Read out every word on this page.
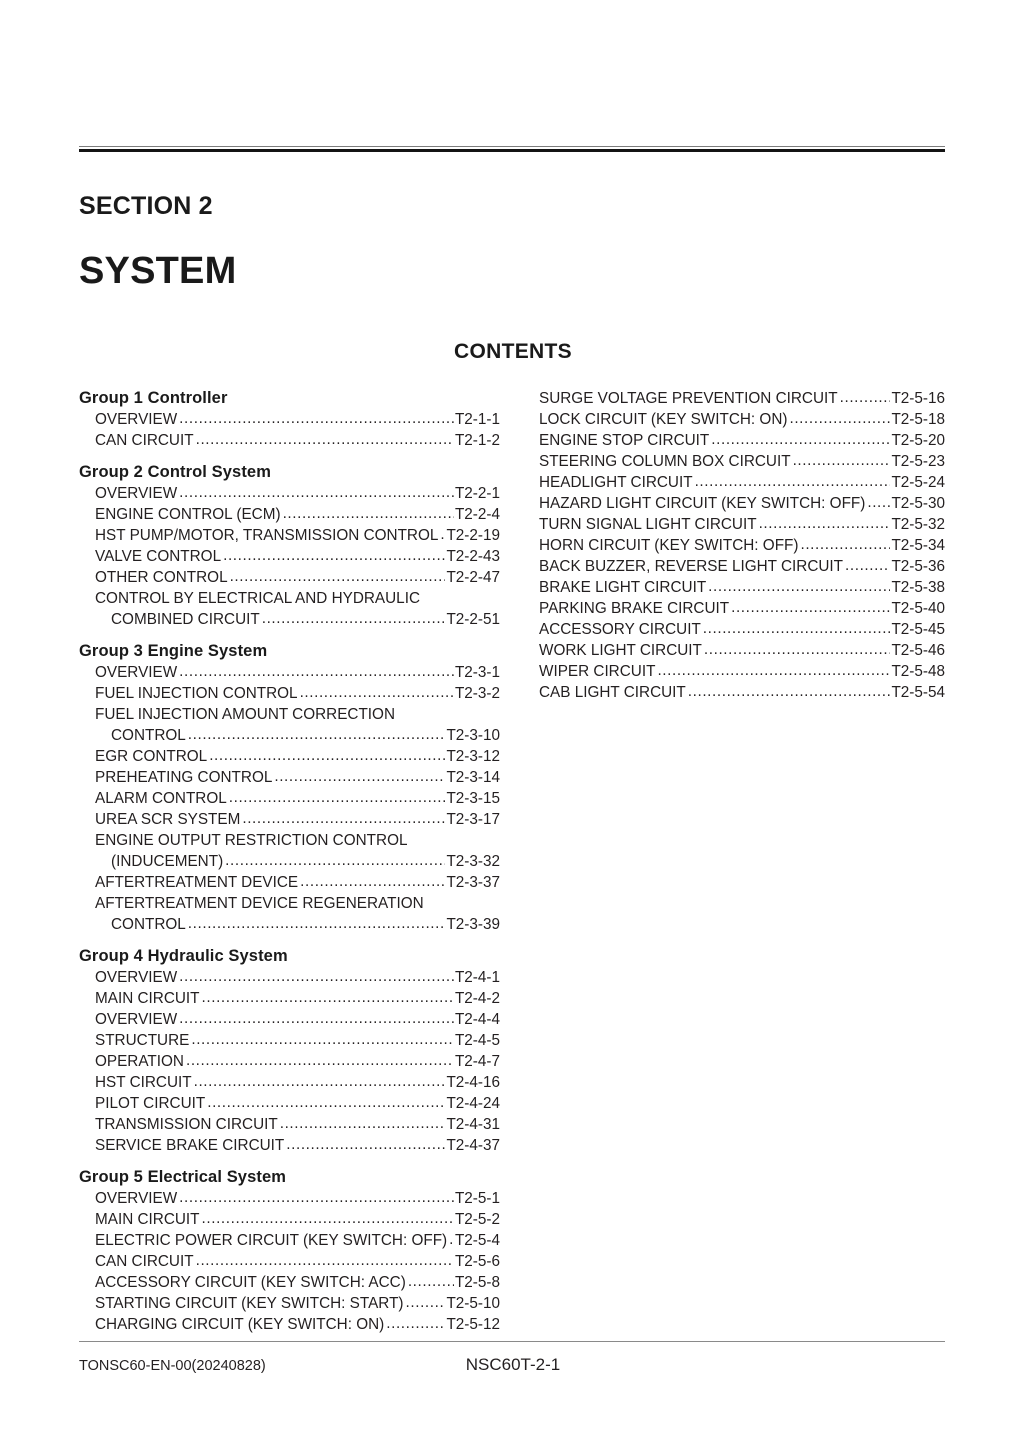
SECTION 2
SYSTEM
CONTENTS
Group 1 Controller
OVERVIEW .....	T2-1-1
CAN CIRCUIT .....	T2-1-2
Group 2 Control System
OVERVIEW .....	T2-2-1
ENGINE CONTROL (ECM) .....	T2-2-4
HST PUMP/MOTOR, TRANSMISSION CONTROL ..... T2-2-19
VALVE CONTROL .....	T2-2-43
OTHER CONTROL .....	T2-2-47
CONTROL BY ELECTRICAL AND HYDRAULIC
COMBINED CIRCUIT .....	T2-2-51
Group 3 Engine System
OVERVIEW .....	T2-3-1
FUEL INJECTION CONTROL .....	T2-3-2
FUEL INJECTION AMOUNT CORRECTION
CONTROL .....	T2-3-10
EGR CONTROL .....	T2-3-12
PREHEATING CONTROL .....	T2-3-14
ALARM CONTROL .....	T2-3-15
UREA SCR SYSTEM .....	T2-3-17
ENGINE OUTPUT RESTRICTION CONTROL
(INDUCEMENT) .....	T2-3-32
AFTERTREATMENT DEVICE .....	T2-3-37
AFTERTREATMENT DEVICE REGENERATION
CONTROL .....	T2-3-39
Group 4 Hydraulic System
OVERVIEW .....	T2-4-1
MAIN CIRCUIT .....	T2-4-2
OVERVIEW .....	T2-4-4
STRUCTURE .....	T2-4-5
OPERATION .....	T2-4-7
HST CIRCUIT .....	T2-4-16
PILOT CIRCUIT .....	T2-4-24
TRANSMISSION CIRCUIT .....	T2-4-31
SERVICE BRAKE CIRCUIT .....	T2-4-37
Group 5 Electrical System
OVERVIEW .....	T2-5-1
MAIN CIRCUIT .....	T2-5-2
ELECTRIC POWER CIRCUIT (KEY SWITCH: OFF) ..... T2-5-4
CAN CIRCUIT .....	T2-5-6
ACCESSORY CIRCUIT (KEY SWITCH: ACC) .....	T2-5-8
STARTING CIRCUIT (KEY SWITCH: START) .....	T2-5-10
CHARGING CIRCUIT (KEY SWITCH: ON) .....	T2-5-12
SURGE VOLTAGE PREVENTION CIRCUIT .....	T2-5-16
LOCK CIRCUIT (KEY SWITCH: ON) .....	T2-5-18
ENGINE STOP CIRCUIT .....	T2-5-20
STEERING COLUMN BOX CIRCUIT .....	T2-5-23
HEADLIGHT CIRCUIT .....	T2-5-24
HAZARD LIGHT CIRCUIT (KEY SWITCH: OFF) ..... T2-5-30
TURN SIGNAL LIGHT CIRCUIT .....	T2-5-32
HORN CIRCUIT (KEY SWITCH: OFF) .....	T2-5-34
BACK BUZZER, REVERSE LIGHT CIRCUIT .....	T2-5-36
BRAKE LIGHT CIRCUIT .....	T2-5-38
PARKING BRAKE CIRCUIT .....	T2-5-40
ACCESSORY CIRCUIT .....	T2-5-45
WORK LIGHT CIRCUIT .....	T2-5-46
WIPER CIRCUIT .....	T2-5-48
CAB LIGHT CIRCUIT .....	T2-5-54
TONSC60-EN-00(20240828)	NSC60T-2-1
